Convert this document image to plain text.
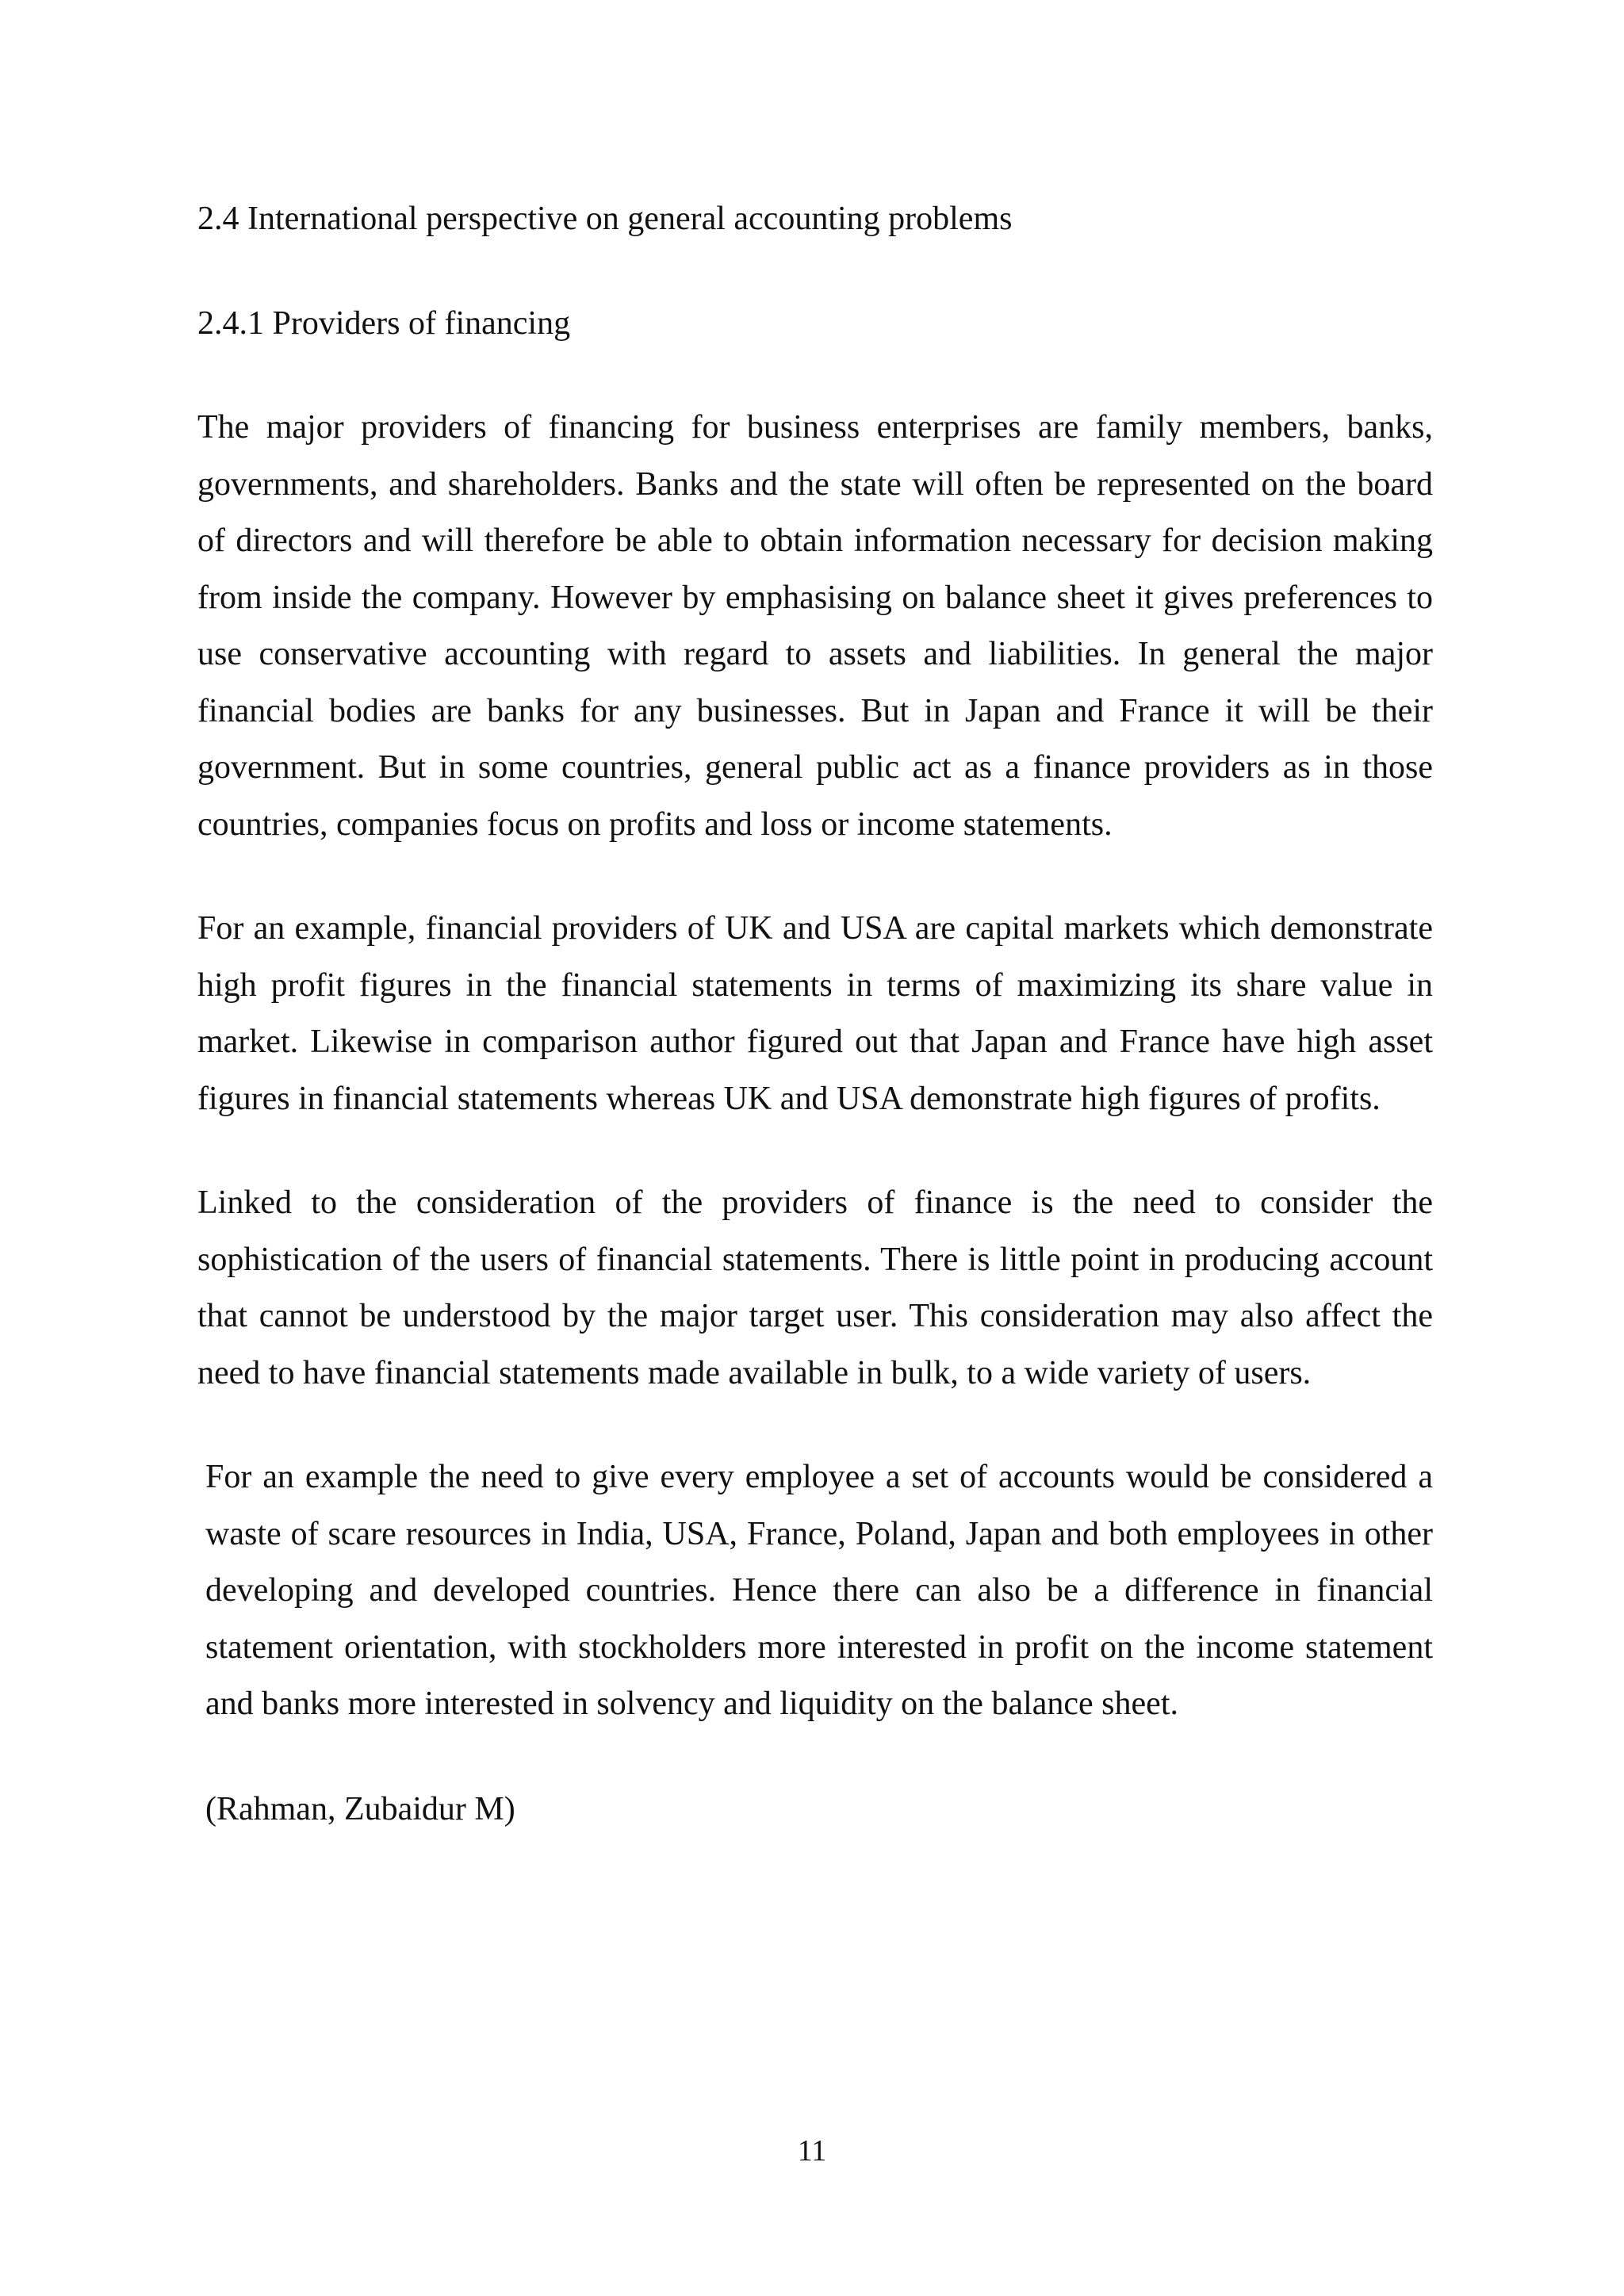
2.4 International perspective on general accounting problems
2.4.1 Providers of financing

The major providers of financing for business enterprises are family members, banks, governments, and shareholders. Banks and the state will often be represented on the board of directors and will therefore be able to obtain information necessary for decision making from inside the company. However by emphasising on balance sheet it gives preferences to use conservative accounting with regard to assets and liabilities. In general the major financial bodies are banks for any businesses. But in Japan and France it will be their government. But in some countries, general public act as a finance providers as in those countries, companies focus on profits and loss or income statements.

For an example, financial providers of UK and USA are capital markets which demonstrate high profit figures in the financial statements in terms of maximizing its share value in market. Likewise in comparison author figured out that Japan and France have high asset figures in financial statements whereas UK and USA demonstrate high figures of profits.

Linked to the consideration of the providers of finance is the need to consider the sophistication of the users of financial statements. There is little point in producing account that cannot be understood by the major target user. This consideration may also affect the need to have financial statements made available in bulk, to a wide variety of users.

For an example the need to give every employee a set of accounts would be considered a waste of scare resources in India, USA, France, Poland, Japan and both employees in other developing and developed countries. Hence there can also be a difference in financial statement orientation, with stockholders more interested in profit on the income statement and banks more interested in solvency and liquidity on the balance sheet.

(Rahman, Zubaidur M)

11
